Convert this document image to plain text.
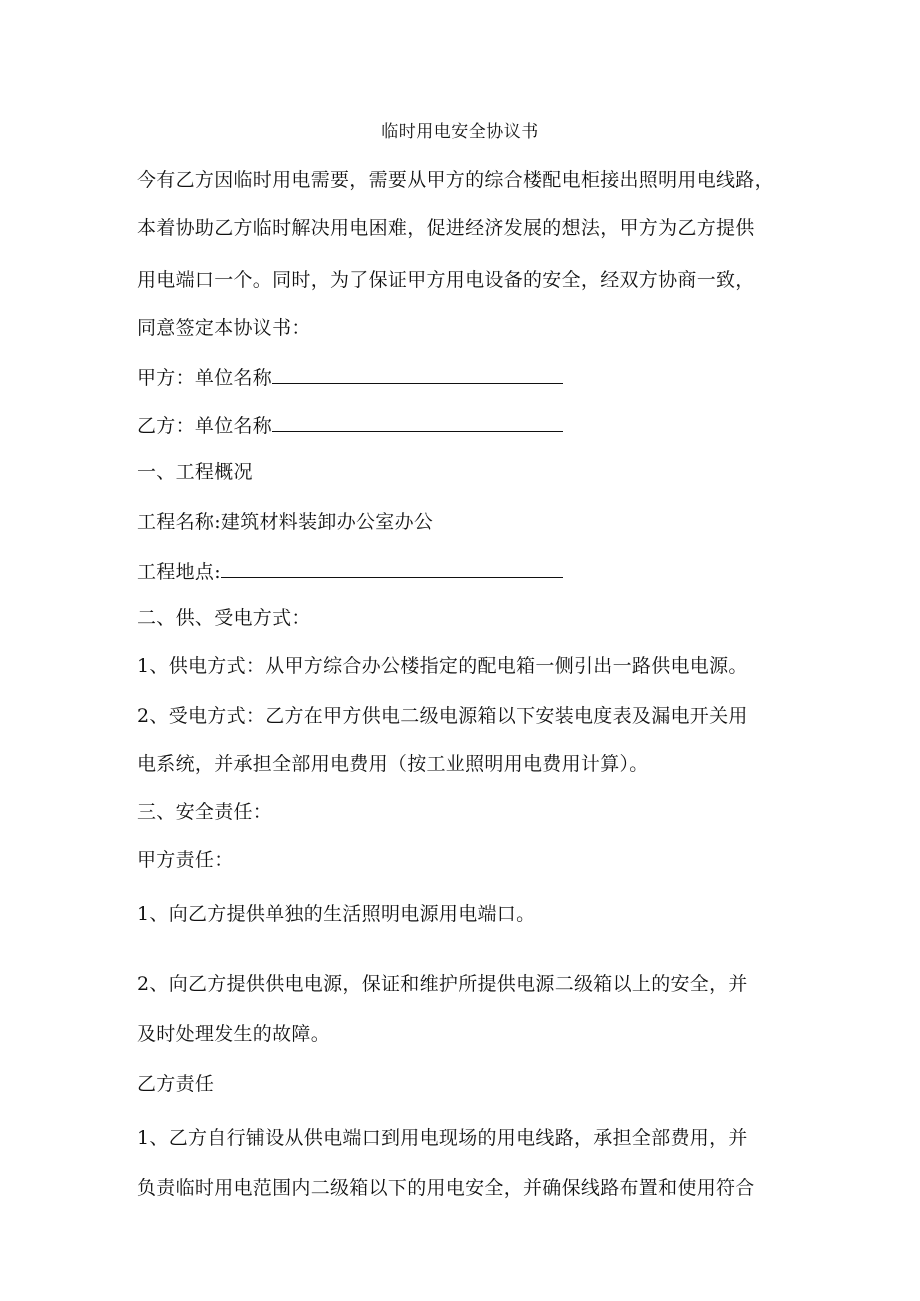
临时用电安全协议书
今有乙方因临时用电需要，需要从甲方的综合楼配电柜接出照明用电线路，
本着协助乙方临时解决用电困难，促进经济发展的想法，甲方为乙方提供
用电端口一个。同时，为了保证甲方用电设备的安全，经双方协商一致，
同意签定本协议书：
甲方：单位名称
乙方：单位名称
一、工程概况
工程名称:建筑材料装卸办公室办公
工程地点:
二、供、受电方式：
1、供电方式：从甲方综合办公楼指定的配电箱一侧引出一路供电电源。
2、受电方式：乙方在甲方供电二级电源箱以下安装电度表及漏电开关用
电系统，并承担全部用电费用（按工业照明用电费用计算）。
三、安全责任：
甲方责任：
1、向乙方提供单独的生活照明电源用电端口。
2、向乙方提供供电电源，保证和维护所提供电源二级箱以上的安全，并
及时处理发生的故障。
乙方责任
1、乙方自行铺设从供电端口到用电现场的用电线路，承担全部费用，并
负责临时用电范围内二级箱以下的用电安全，并确保线路布置和使用符合
